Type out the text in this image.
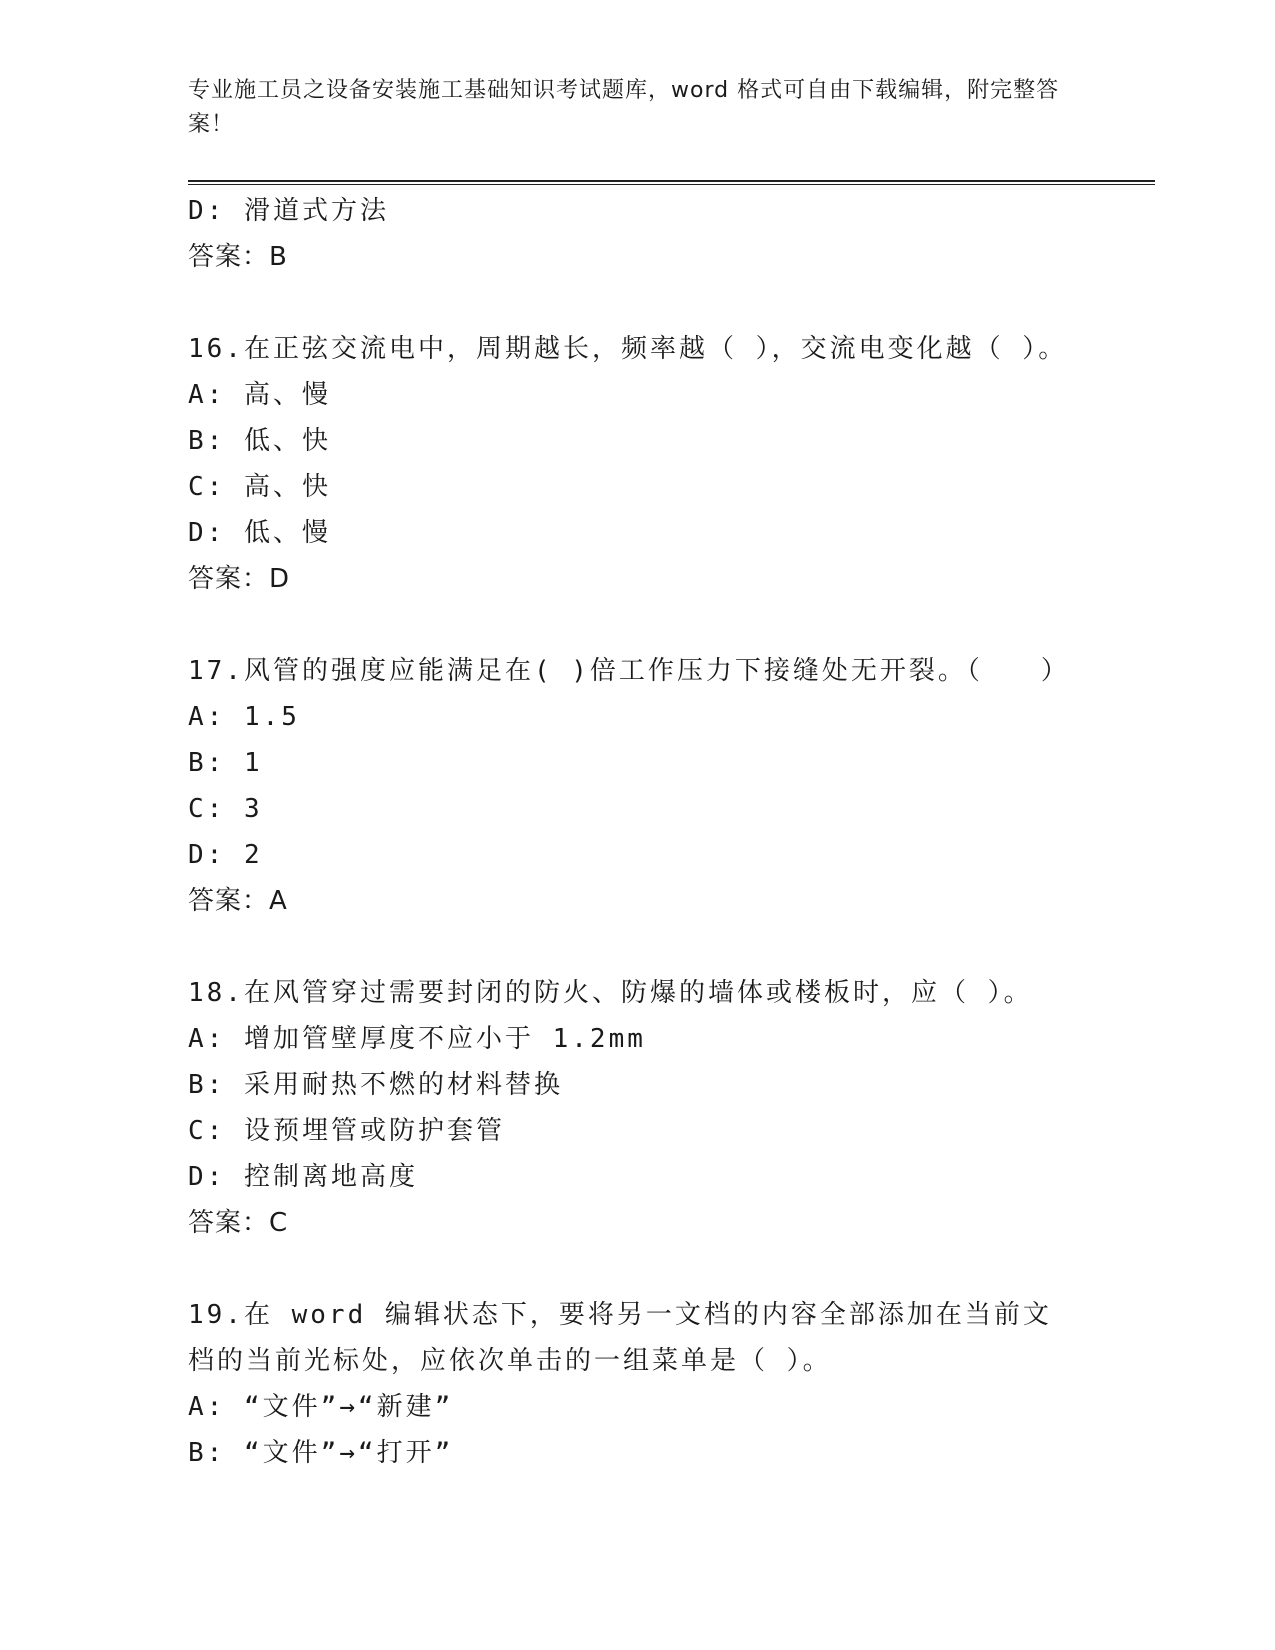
专业施工员之设备安装施工基础知识考试题库，word 格式可自由下载编辑，附完整答案！
D: 滑道式方法
答案：B
16.在正弦交流电中，周期越长，频率越（ ），交流电变化越（ ）。
A: 高、慢
B: 低、快
C: 高、快
D: 低、慢
答案：D
17.风管的强度应能满足在( )倍工作压力下接缝处无开裂。（　　）
A: 1.5
B: 1
C: 3
D: 2
答案：A
18.在风管穿过需要封闭的防火、防爆的墙体或楼板时，应（ ）。
A: 增加管壁厚度不应小于 1.2mm
B: 采用耐热不燃的材料替换
C: 设预埋管或防护套管
D: 控制离地高度
答案：C
19.在 word 编辑状态下，要将另一文档的内容全部添加在当前文档的当前光标处，应依次单击的一组菜单是（ ）。
A: “文件”→“新建”
B: “文件”→“打开”
